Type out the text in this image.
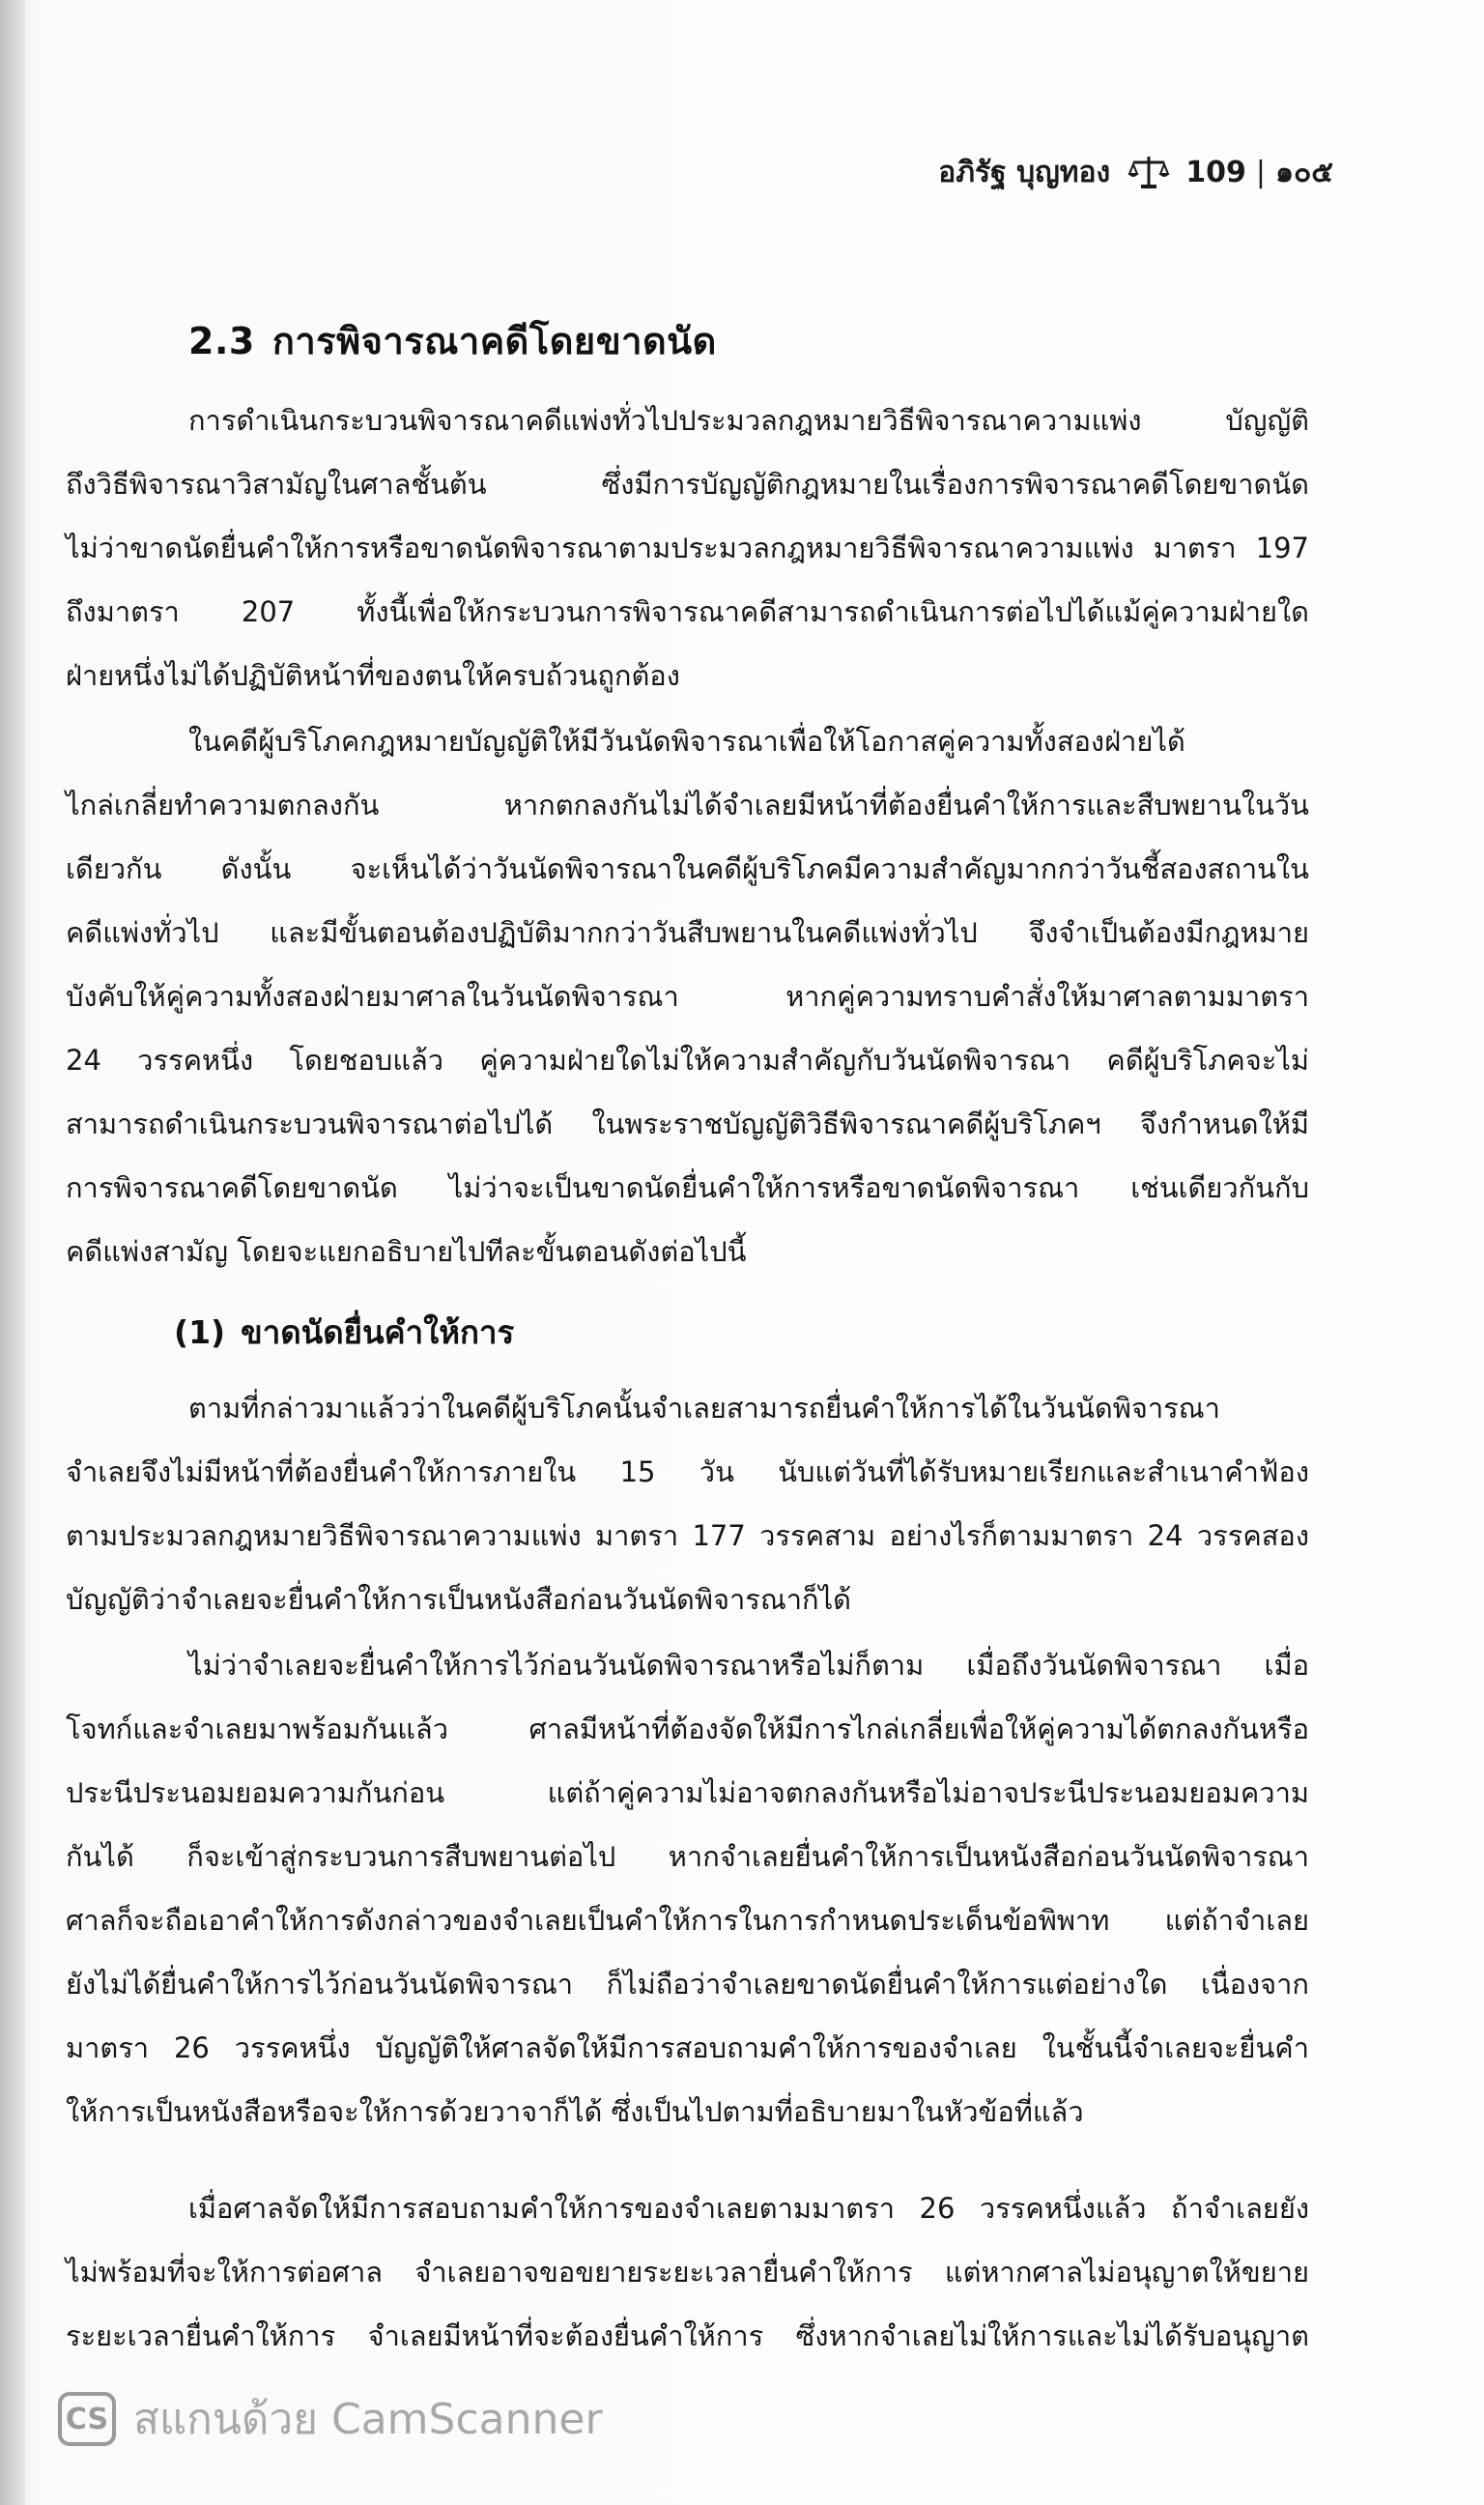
อภิรัฐ บุญทอง	109 | ๑๐๕
2.3 การพิจารณาคดีโดยขาดนัด
การดำเนินกระบวนพิจารณาคดีแพ่งทั่วไปประมวลกฎหมายวิธีพิจารณาความแพ่ง บัญญัติ
ถึงวิธีพิจารณาวิสามัญในศาลชั้นต้น ซึ่งมีการบัญญัติกฎหมายในเรื่องการพิจารณาคดีโดยขาดนัด
ไม่ว่าขาดนัดยื่นคำให้การหรือขาดนัดพิจารณาตามประมวลกฎหมายวิธีพิจารณาความแพ่ง มาตรา 197
ถึงมาตรา 207 ทั้งนี้เพื่อให้กระบวนการพิจารณาคดีสามารถดำเนินการต่อไปได้แม้คู่ความฝ่ายใด
ฝ่ายหนึ่งไม่ได้ปฏิบัติหน้าที่ของตนให้ครบถ้วนถูกต้อง
ในคดีผู้บริโภคกฎหมายบัญญัติให้มีวันนัดพิจารณาเพื่อให้โอกาสคู่ความทั้งสองฝ่ายได้
ไกล่เกลี่ยทำความตกลงกัน หากตกลงกันไม่ได้จำเลยมีหน้าที่ต้องยื่นคำให้การและสืบพยานในวัน
เดียวกัน ดังนั้น จะเห็นได้ว่าวันนัดพิจารณาในคดีผู้บริโภคมีความสำคัญมากกว่าวันชี้สองสถานใน
คดีแพ่งทั่วไป และมีขั้นตอนต้องปฏิบัติมากกว่าวันสืบพยานในคดีแพ่งทั่วไป จึงจำเป็นต้องมีกฎหมาย
บังคับให้คู่ความทั้งสองฝ่ายมาศาลในวันนัดพิจารณา หากคู่ความทราบคำสั่งให้มาศาลตามมาตรา
24 วรรคหนึ่ง โดยชอบแล้ว คู่ความฝ่ายใดไม่ให้ความสำคัญกับวันนัดพิจารณา คดีผู้บริโภคจะไม่
สามารถดำเนินกระบวนพิจารณาต่อไปได้ ในพระราชบัญญัติวิธีพิจารณาคดีผู้บริโภคฯ จึงกำหนดให้มี
การพิจารณาคดีโดยขาดนัด ไม่ว่าจะเป็นขาดนัดยื่นคำให้การหรือขาดนัดพิจารณา เช่นเดียวกันกับ
คดีแพ่งสามัญ โดยจะแยกอธิบายไปทีละขั้นตอนดังต่อไปนี้
(1) ขาดนัดยื่นคำให้การ
ตามที่กล่าวมาแล้วว่าในคดีผู้บริโภคนั้นจำเลยสามารถยื่นคำให้การได้ในวันนัดพิจารณา
จำเลยจึงไม่มีหน้าที่ต้องยื่นคำให้การภายใน 15 วัน นับแต่วันที่ได้รับหมายเรียกและสำเนาคำฟ้อง
ตามประมวลกฎหมายวิธีพิจารณาความแพ่ง มาตรา 177 วรรคสาม อย่างไรก็ตามมาตรา 24 วรรคสอง
บัญญัติว่าจำเลยจะยื่นคำให้การเป็นหนังสือก่อนวันนัดพิจารณาก็ได้
ไม่ว่าจำเลยจะยื่นคำให้การไว้ก่อนวันนัดพิจารณาหรือไม่ก็ตาม เมื่อถึงวันนัดพิจารณา เมื่อ
โจทก์และจำเลยมาพร้อมกันแล้ว ศาลมีหน้าที่ต้องจัดให้มีการไกล่เกลี่ยเพื่อให้คู่ความได้ตกลงกันหรือ
ประนีประนอมยอมความกันก่อน แต่ถ้าคู่ความไม่อาจตกลงกันหรือไม่อาจประนีประนอมยอมความ
กันได้ ก็จะเข้าสู่กระบวนการสืบพยานต่อไป หากจำเลยยื่นคำให้การเป็นหนังสือก่อนวันนัดพิจารณา
ศาลก็จะถือเอาคำให้การดังกล่าวของจำเลยเป็นคำให้การในการกำหนดประเด็นข้อพิพาท แต่ถ้าจำเลย
ยังไม่ได้ยื่นคำให้การไว้ก่อนวันนัดพิจารณา ก็ไม่ถือว่าจำเลยขาดนัดยื่นคำให้การแต่อย่างใด เนื่องจาก
มาตรา 26 วรรคหนึ่ง บัญญัติให้ศาลจัดให้มีการสอบถามคำให้การของจำเลย ในชั้นนี้จำเลยจะยื่นคำ
ให้การเป็นหนังสือหรือจะให้การด้วยวาจาก็ได้ ซึ่งเป็นไปตามที่อธิบายมาในหัวข้อที่แล้ว
เมื่อศาลจัดให้มีการสอบถามคำให้การของจำเลยตามมาตรา 26 วรรคหนึ่งแล้ว ถ้าจำเลยยัง
ไม่พร้อมที่จะให้การต่อศาล จำเลยอาจขอขยายระยะเวลายื่นคำให้การ แต่หากศาลไม่อนุญาตให้ขยาย
ระยะเวลายื่นคำให้การ จำเลยมีหน้าที่จะต้องยื่นคำให้การ ซึ่งหากจำเลยไม่ให้การและไม่ได้รับอนุญาต
CS สแกนด้วย CamScanner
